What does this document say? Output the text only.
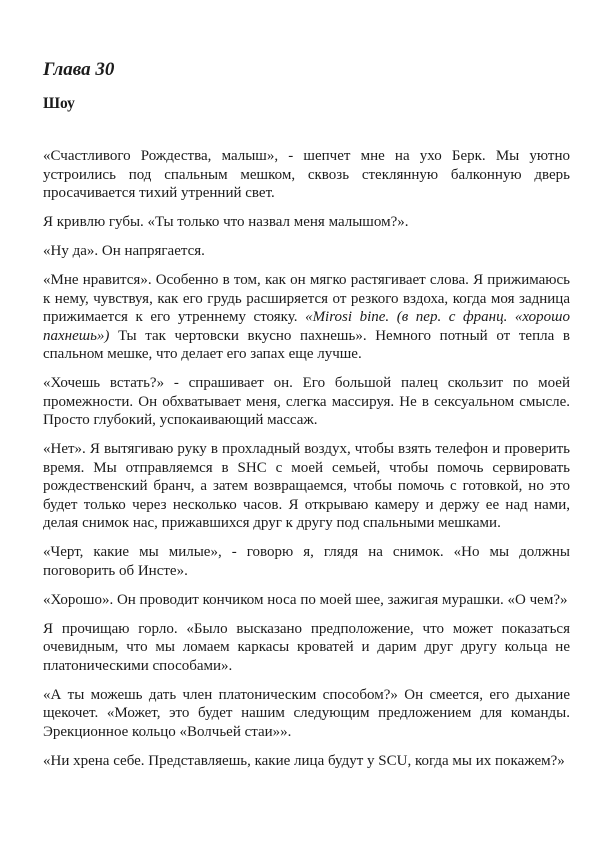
Глава 30
Шоу

«Счастливого Рождества, малыш», - шепчет мне на ухо Берк. Мы уютно устроились под спальным мешком, сквозь стеклянную балконную дверь просачивается тихий утренний свет.

Я кривлю губы. «Ты только что назвал меня малышом?».

«Ну да». Он напрягается.

«Мне нравится». Особенно в том, как он мягко растягивает слова. Я прижимаюсь к нему, чувствуя, как его грудь расширяется от резкого вздоха, когда моя задница прижимается к его утреннему стояку. «Mirosi bine. (в пер. с франц. «хорошо пахнешь») Ты так чертовски вкусно пахнешь». Немного потный от тепла в спальном мешке, что делает его запах еще лучше.

«Хочешь встать?» - спрашивает он. Его большой палец скользит по моей промежности. Он обхватывает меня, слегка массируя. Не в сексуальном смысле. Просто глубокий, успокаивающий массаж.

«Нет». Я вытягиваю руку в прохладный воздух, чтобы взять телефон и проверить время. Мы отправляемся в SHC с моей семьей, чтобы помочь сервировать рождественский бранч, а затем возвращаемся, чтобы помочь с готовкой, но это будет только через несколько часов. Я открываю камеру и держу ее над нами, делая снимок нас, прижавшихся друг к другу под спальными мешками.

«Черт, какие мы милые», - говорю я, глядя на снимок. «Но мы должны поговорить об Инсте».

«Хорошо». Он проводит кончиком носа по моей шее, зажигая мурашки. «О чем?»

Я прочищаю горло. «Было высказано предположение, что может показаться очевидным, что мы ломаем каркасы кроватей и дарим друг другу кольца не платоническими способами».

«А ты можешь дать член платоническим способом?» Он смеется, его дыхание щекочет. «Может, это будет нашим следующим предложением для команды. Эрекционное кольцо «Волчьей стаи»».

«Ни хрена себе. Представляешь, какие лица будут у SCU, когда мы их покажем?»
